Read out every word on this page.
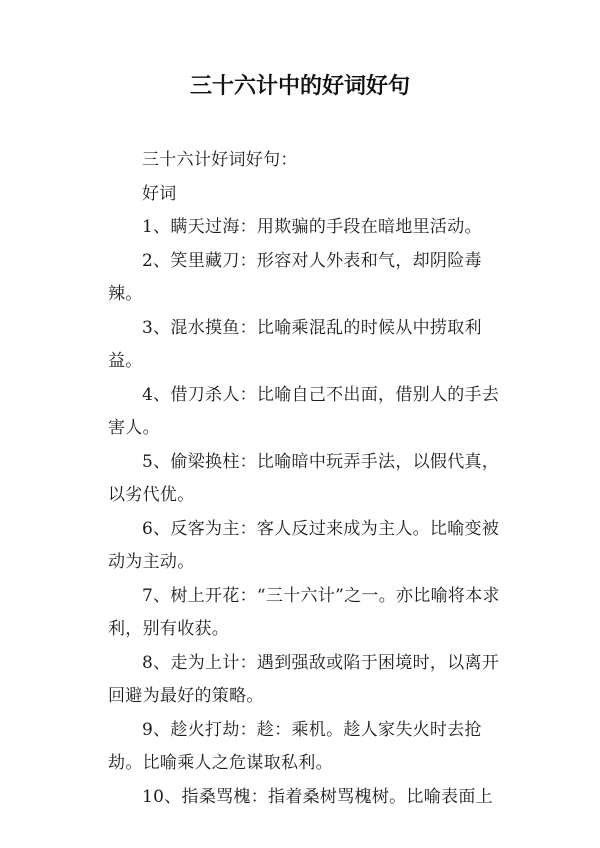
三十六计中的好词好句

三十六计好词好句：

好词

1、瞒天过海：用欺骗的手段在暗地里活动。

2、笑里藏刀：形容对人外表和气，却阴险毒辣。

3、混水摸鱼：比喻乘混乱的时候从中捞取利益。

4、借刀杀人：比喻自己不出面，借别人的手去害人。

5、偷梁换柱：比喻暗中玩弄手法，以假代真，以劣代优。

6、反客为主：客人反过来成为主人。比喻变被动为主动。

7、树上开花：“三十六计”之一。亦比喻将本求利，别有收获。

8、走为上计：遇到强敌或陷于困境时，以离开回避为最好的策略。

9、趁火打劫：趁：乘机。趁人家失火时去抢劫。比喻乘人之危谋取私利。

10、指桑骂槐：指着桑树骂槐树。比喻表面上
